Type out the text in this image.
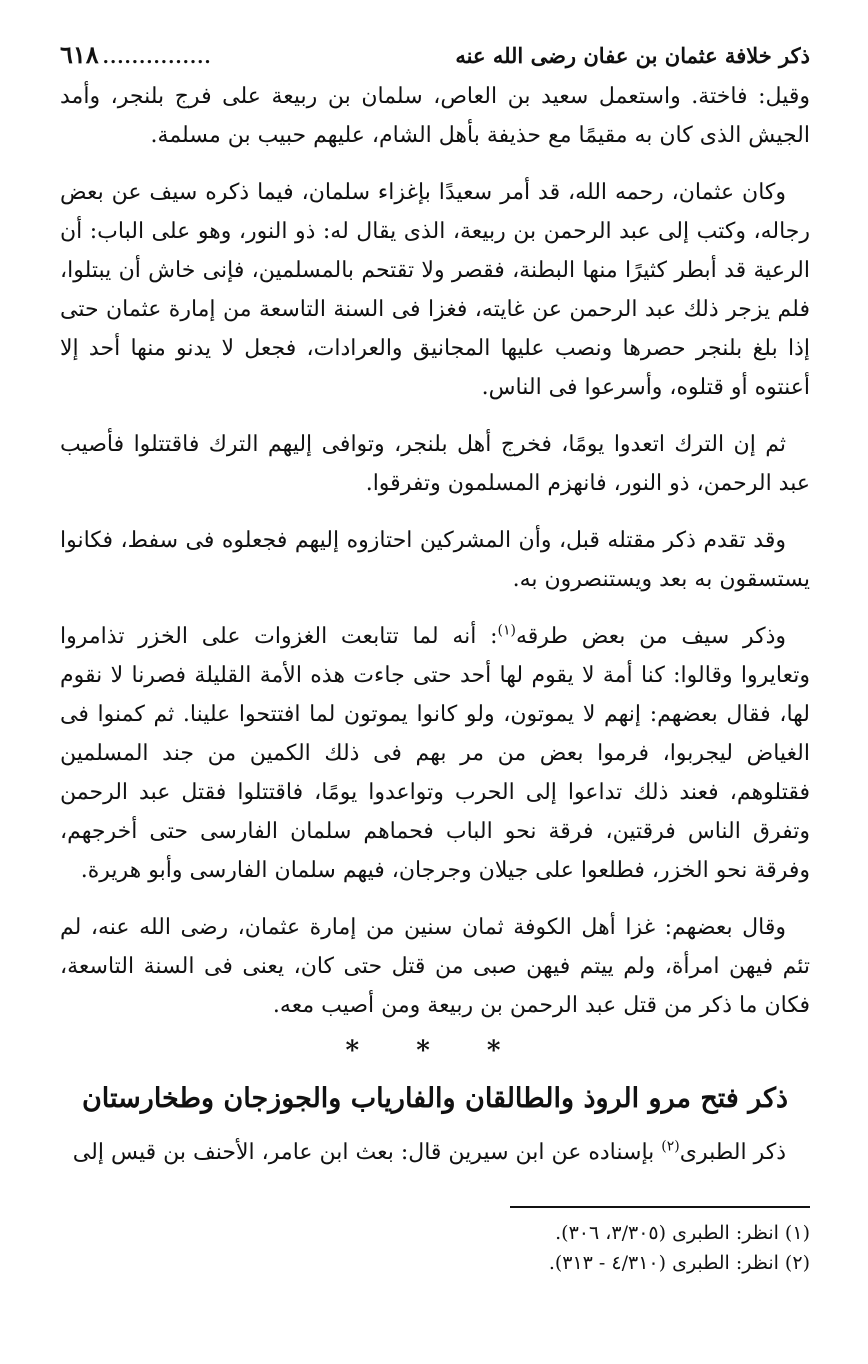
ذكر خلافة عثمان بن عفان رضى الله عنه
...............
٦١٨

وقيل: فاختة. واستعمل سعيد بن العاص، سلمان بن ربيعة على فرج بلنجر، وأمد الجيش الذى كان به مقيمًا مع حذيفة بأهل الشام، عليهم حبيب بن مسلمة.

وكان عثمان، رحمه الله، قد أمر سعيدًا بإغزاء سلمان، فيما ذكره سيف عن بعض رجاله، وكتب إلى عبد الرحمن بن ربيعة، الذى يقال له: ذو النور، وهو على الباب: أن الرعية قد أبطر كثيرًا منها البطنة، فقصر ولا تقتحم بالمسلمين، فإنى خاش أن يبتلوا، فلم يزجر ذلك عبد الرحمن عن غايته، فغزا فى السنة التاسعة من إمارة عثمان حتى إذا بلغ بلنجر حصرها ونصب عليها المجانيق والعرادات، فجعل لا يدنو منها أحد إلا أعنتوه أو قتلوه، وأسرعوا فى الناس.

ثم إن الترك اتعدوا يومًا، فخرج أهل بلنجر، وتوافى إليهم الترك فاقتتلوا فأصيب عبد الرحمن، ذو النور، فانهزم المسلمون وتفرقوا.

وقد تقدم ذكر مقتله قبل، وأن المشركين احتازوه إليهم فجعلوه فى سفط، فكانوا يستسقون به بعد ويستنصرون به.

وذكر سيف من بعض طرقه$^{(١)}$: أنه لما تتابعت الغزوات على الخزر تذامروا وتعايروا وقالوا: كنا أمة لا يقوم لها أحد حتى جاءت هذه الأمة القليلة فصرنا لا نقوم لها، فقال بعضهم: إنهم لا يموتون، ولو كانوا يموتون لما افتتحوا علينا. ثم كمنوا فى الغياض ليجربوا، فرموا بعض من مر بهم فى ذلك الكمين من جند المسلمين فقتلوهم، فعند ذلك تداعوا إلى الحرب وتواعدوا يومًا، فاقتتلوا فقتل عبد الرحمن وتفرق الناس فرقتين، فرقة نحو الباب فحماهم سلمان الفارسى حتى أخرجهم، وفرقة نحو الخزر، فطلعوا على جيلان وجرجان، فيهم سلمان الفارسى وأبو هريرة.

وقال بعضهم: غزا أهل الكوفة ثمان سنين من إمارة عثمان، رضى الله عنه، لم تئم فيهن امرأة، ولم ييتم فيهن صبى من قتل حتى كان، يعنى فى السنة التاسعة، فكان ما ذكر من قتل عبد الرحمن بن ربيعة ومن أصيب معه.

* * *
ذكر فتح مرو الروذ والطالقان والفارياب والجوزجان وطخارستان

ذكر الطبرى$^{(٢)}$ بإسناده عن ابن سيرين قال: بعث ابن عامر، الأحنف بن قيس إلى

(١) انظر: الطبرى (٣/٣٠٥، ٣٠٦).

(٢) انظر: الطبرى (٤/٣١٠ - ٣١٣).
